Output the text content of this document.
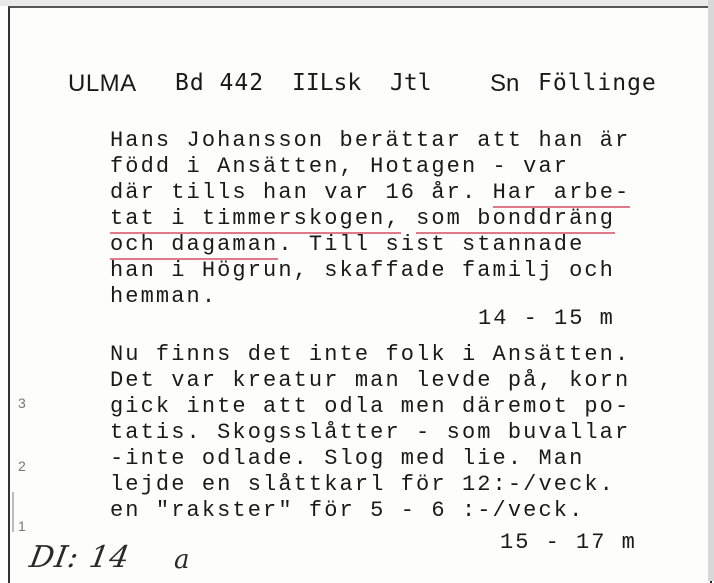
ULMA Bd 442 IILsk Jtl Sn Föllinge
Hans Johansson berättar att han är
född i Ansätten, Hotagen - var
där tills han var 16 år. Har arbe-
tat i timmerskogen, som bonddräng
och dagaman. Till sist stannade
han i Högrun, skaffade familj och
hemman.
14 - 15 m
Nu finns det inte folk i Ansätten.
Det var kreatur man levde på, korn
gick inte att odla men däremot po-
tatis. Skogsslåtter - som buvallar
-inte odlade. Slog med lie. Man
lejde en slåttkarl för 12:-/veck.
en "rakster" för 5 - 6 :-/veck.
15 - 17 m
3
2
1
DI: 14 a
